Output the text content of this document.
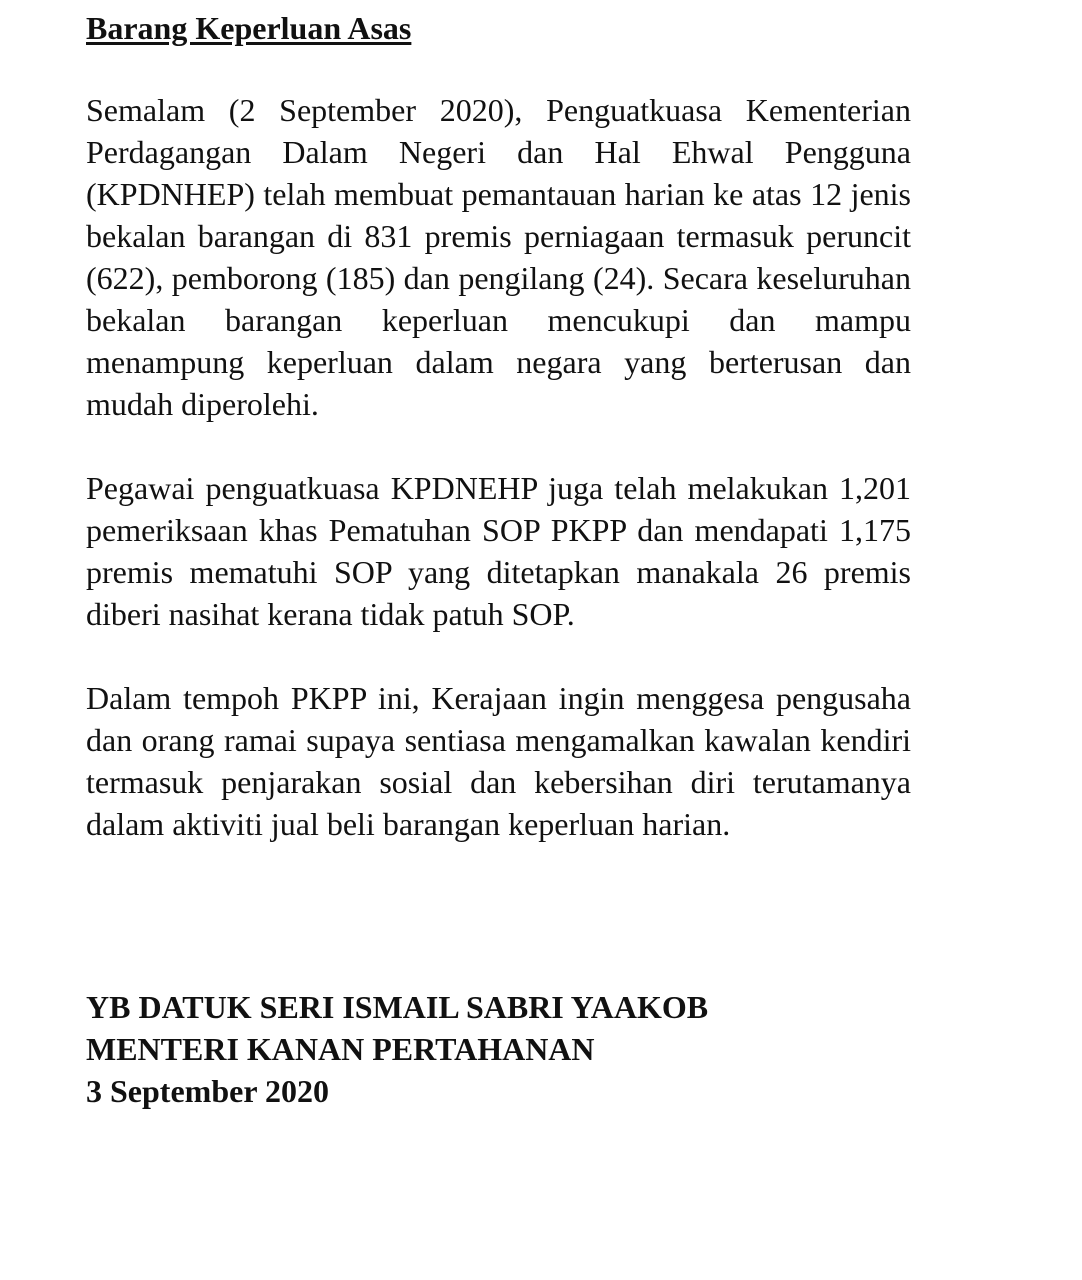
Barang Keperluan Asas

Semalam (2 September 2020), Penguatkuasa Kementerian Perdagangan Dalam Negeri dan Hal Ehwal Pengguna (KPDNHEP) telah membuat pemantauan harian ke atas 12 jenis bekalan barangan di 831 premis perniagaan termasuk peruncit (622), pemborong (185) dan pengilang (24). Secara keseluruhan bekalan barangan keperluan mencukupi dan mampu menampung keperluan dalam negara yang berterusan dan mudah diperolehi.

Pegawai penguatkuasa KPDNEHP juga telah melakukan 1,201 pemeriksaan khas Pematuhan SOP PKPP dan mendapati 1,175 premis mematuhi SOP yang ditetapkan manakala 26 premis diberi nasihat kerana tidak patuh SOP.

Dalam tempoh PKPP ini, Kerajaan ingin menggesa pengusaha dan orang ramai supaya sentiasa mengamalkan kawalan kendiri termasuk penjarakan sosial dan kebersihan diri terutamanya dalam aktiviti jual beli barangan keperluan harian.

YB DATUK SERI ISMAIL SABRI YAAKOB
MENTERI KANAN PERTAHANAN
3 September 2020
